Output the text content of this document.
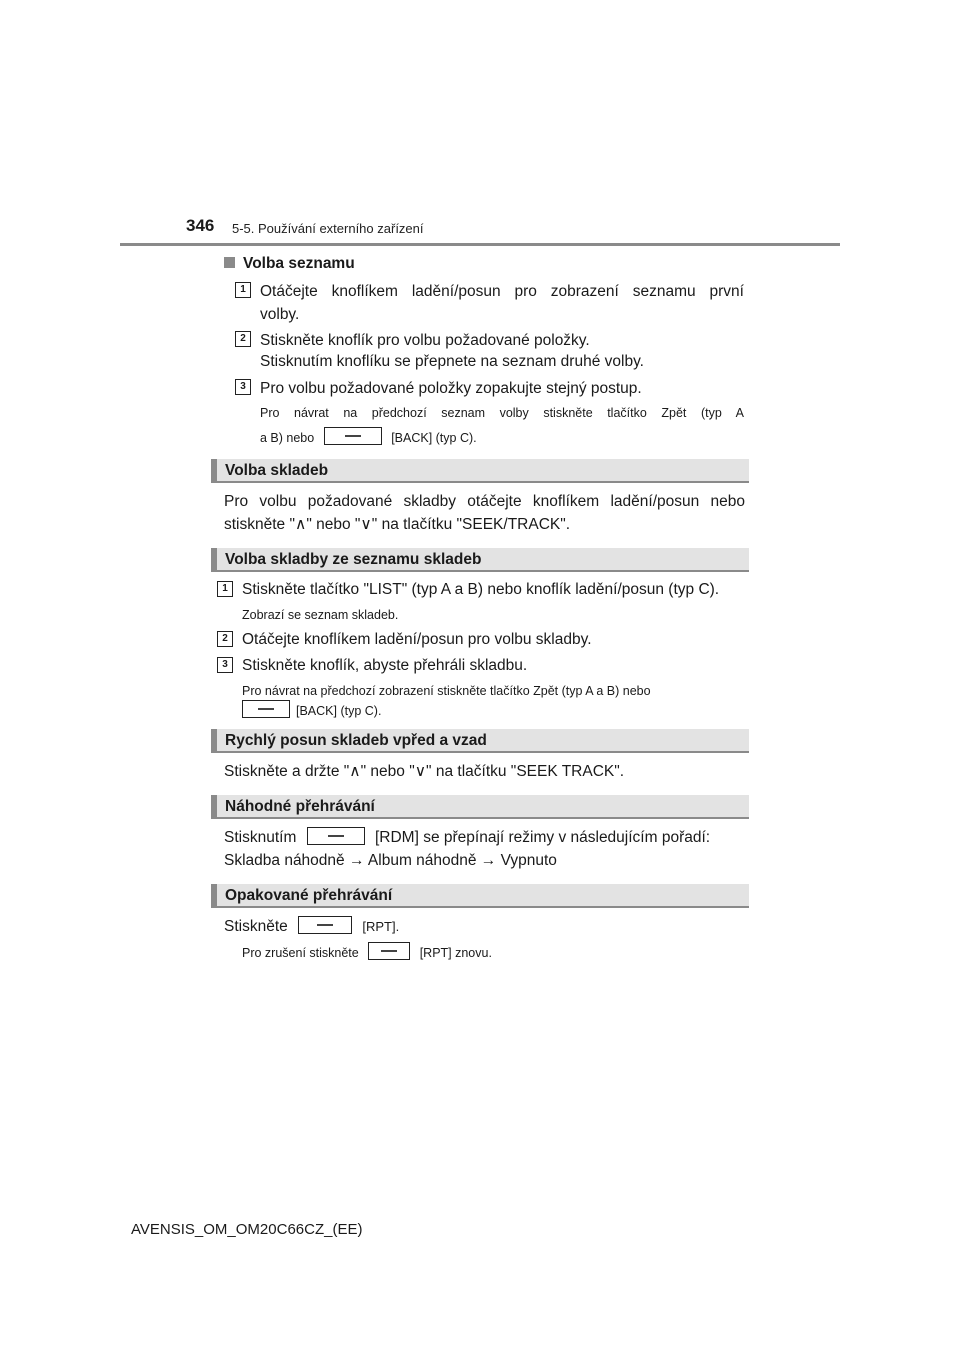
346 5-5. Používání externího zařízení
Volba seznamu
1 Otáčejte knoflíkem ladění/posun pro zobrazení seznamu první
volby.
2 Stiskněte knoflík pro volbu požadované položky.
Stisknutím knoflíku se přepnete na seznam druhé volby.
3 Pro volbu požadované položky zopakujte stejný postup.
Pro návrat na předchozí seznam volby stiskněte tlačítko Zpět (typ A
a B) nebo	[BACK] (typ C).
Volba skladeb
Pro volbu požadované skladby otáčejte knoflíkem ladění/posun nebo
stiskněte "∧" nebo "∨" na tlačítku "SEEK/TRACK".
Volba skladby ze seznamu skladeb
1 Stiskněte tlačítko "LIST" (typ A a B) nebo knoflík ladění/posun (typ C).
Zobrazí se seznam skladeb.
2 Otáčejte knoflíkem ladění/posun pro volbu skladby.
3 Stiskněte knoflík, abyste přehráli skladbu.
Pro návrat na předchozí zobrazení stiskněte tlačítko Zpět (typ A a B) nebo
[BACK] (typ C).
Rychlý posun skladeb vpřed a vzad
Stiskněte a držte "∧" nebo "∨" na tlačítku "SEEK TRACK".
Náhodné přehrávání
Stisknutím	[RDM] se přepínají režimy v následujícím pořadí:
Skladba náhodně → Album náhodně → Vypnuto
Opakované přehrávání
Stiskněte	[RPT].
Pro zrušení stiskněte	[RPT] znovu.
AVENSIS_OM_OM20C66CZ_(EE)
